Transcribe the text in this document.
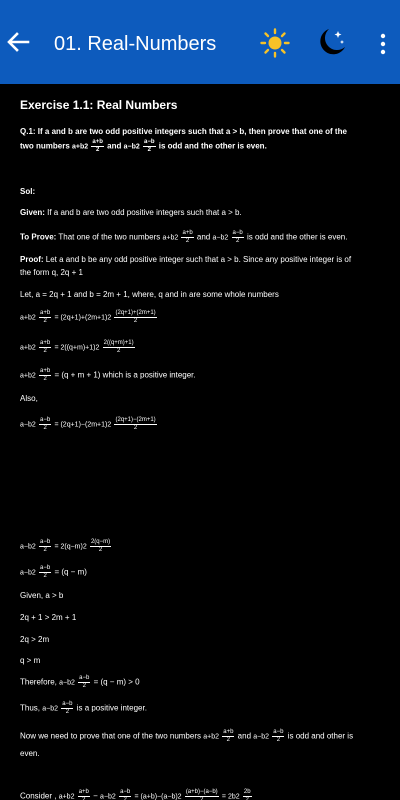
01. Real-Numbers
Exercise 1.1: Real Numbers
Q.1: If a and b are two odd positive integers such that a > b, then prove that one of the
two numbers $a+b2 \frac{a+b}{2}$ and $a-b2 \frac{a-b}{2}$ is odd and the other is even.
Sol:
Given: If a and b are two odd positive integers such that a > b.
To Prove: That one of the two numbers $a+b2 \frac{a+b}{2}$ and $a-b2 \frac{a-b}{2}$ is odd and the other is even.
Proof: Let a and b be any odd positive integer such that a > b. Since any positive integer is of
the form q, 2q + 1
Let, a = 2q + 1 and b = 2m + 1, where, q and in are some whole numbers
$a+b2 \frac{a+b}{2} = (2q+1)+(2m+1)2 \frac{(2q+1)+(2m+1)}{2}$
$a+b2 \frac{a+b}{2} = 2((q+m)+1)2 \frac{2((q+m)+1)}{2}$
$a+b2 \frac{a+b}{2} = (q + m + 1)$ which is a positive integer.
Also,
$a-b2 \frac{a-b}{2} = (2q+1)-(2m+1)2 \frac{(2q+1)-(2m+1)}{2}$
$a-b2 \frac{a-b}{2} = 2(q-m)2 \frac{2(q-m)}{2}$
$a-b2 \frac{a-b}{2} = (q - m)$
Given, a > b
2q + 1 > 2m + 1
2q > 2m
q > m
Therefore, $a-b2 \frac{a-b}{2} = (q - m) > 0$
Thus, $a-b2 \frac{a-b}{2}$ is a positive integer.
Now we need to prove that one of the two numbers $a+b2 \frac{a+b}{2}$ and $a-b2 \frac{a-b}{2}$ is odd and other is
even.
Consider , $a+b2 \frac{a+b}{2} - a-b2 \frac{a-b}{2} = (a+b)-(a-b)2 \frac{(a+b)-(a-b)}{2} = 2b2 \frac{2b}{2}$
